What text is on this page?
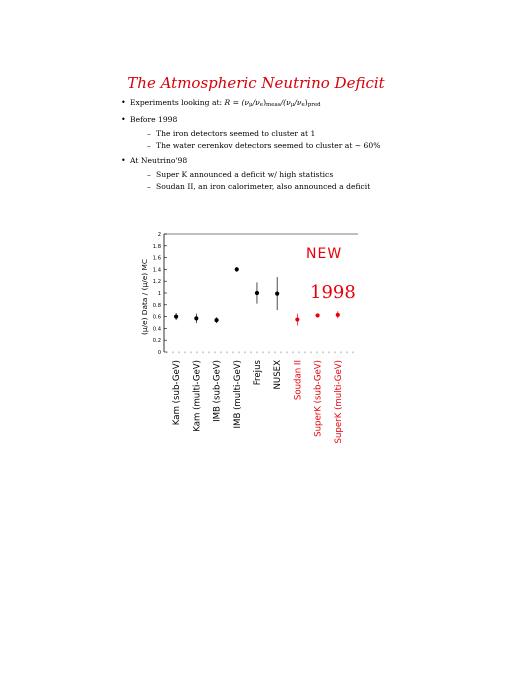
The Atmospheric Neutrino Deficit
• Experiments looking at: R = (νμ/νe)meas/(νμ/νe)pred
• Before 1998
– The iron detectors seemed to cluster at 1
– The water cerenkov detectors seemed to cluster at ∼ 60%
• At Neutrino'98
– Super K announced a deficit w/ high statistics
– Soudan II, an iron calorimeter, also announced a deficit
0
0.2
0.4
0.6
0.8
1
1.2
1.4
1.6
1.8
2
(μ/e) Data / (μ/e) MC
Kam (sub-GeV) Kam (multi-GeV) IMB (sub-GeV) IMB (multi-GeV) Frejus NUSEX Soudan II SuperK (sub-GeV) SuperK (multi-GeV)
NEW
1998
